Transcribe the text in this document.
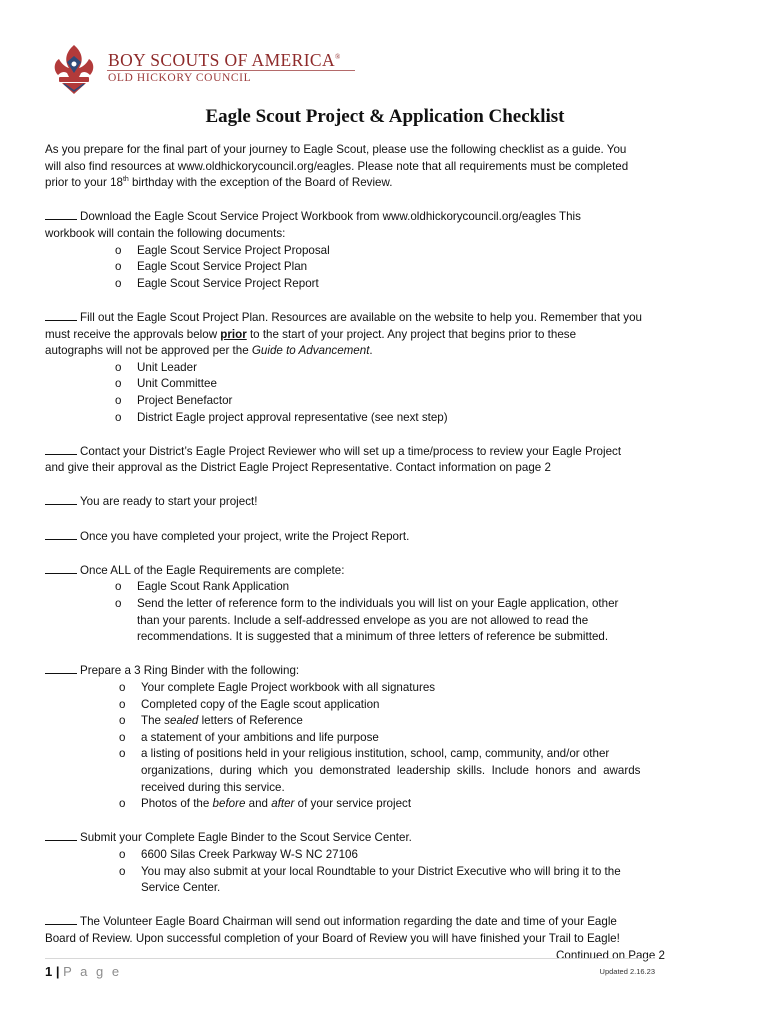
BOY SCOUTS OF AMERICA®
OLD HICKORY COUNCIL
Eagle Scout Project & Application Checklist

As you prepare for the final part of your journey to Eagle Scout, please use the following checklist as a guide. You

will also find resources at www.oldhickorycouncil.org/eagles. Please note that all requirements must be completed

prior to your 18th birthday with the exception of the Board of Review.

Download the Eagle Scout Service Project Workbook from www.oldhickorycouncil.org/eagles This

workbook will contain the following documents:

o Eagle Scout Service Project Proposal
o Eagle Scout Service Project Plan
o Eagle Scout Service Project Report

Fill out the Eagle Scout Project Plan. Resources are available on the website to help you. Remember that you

must receive the approvals below prior to the start of your project. Any project that begins prior to these

autographs will not be approved per the Guide to Advancement.

o Unit Leader
o Unit Committee
o Project Benefactor
o District Eagle project approval representative (see next step)

Contact your District’s Eagle Project Reviewer who will set up a time/process to review your Eagle Project

and give their approval as the District Eagle Project Representative. Contact information on page 2

You are ready to start your project!

Once you have completed your project, write the Project Report.

Once ALL of the Eagle Requirements are complete:

o Eagle Scout Rank Application
o Send the letter of reference form to the individuals you will list on your Eagle application, other
than your parents. Include a self-addressed envelope as you are not allowed to read the
recommendations. It is suggested that a minimum of three letters of reference be submitted.

Prepare a 3 Ring Binder with the following:

o Your complete Eagle Project workbook with all signatures
o Completed copy of the Eagle scout application
o The sealed letters of Reference
o a statement of your ambitions and life purpose
o a listing of positions held in your religious institution, school, camp, community, and/or other
organizations,  during  which  you  demonstrated  leadership  skills.  Include  honors  and  awards
received during this service.
o Photos of the before and after of your service project

Submit your Complete Eagle Binder to the Scout Service Center.

o 6600 Silas Creek Parkway W-S NC 27106
o You may also submit at your local Roundtable to your District Executive who will bring it to the
Service Center.

The Volunteer Eagle Board Chairman will send out information regarding the date and time of your Eagle

Board of Review. Upon successful completion of your Board of Review you will have finished your Trail to Eagle!

Continued on Page 2

1 | P a g e	Updated 2.16.23
